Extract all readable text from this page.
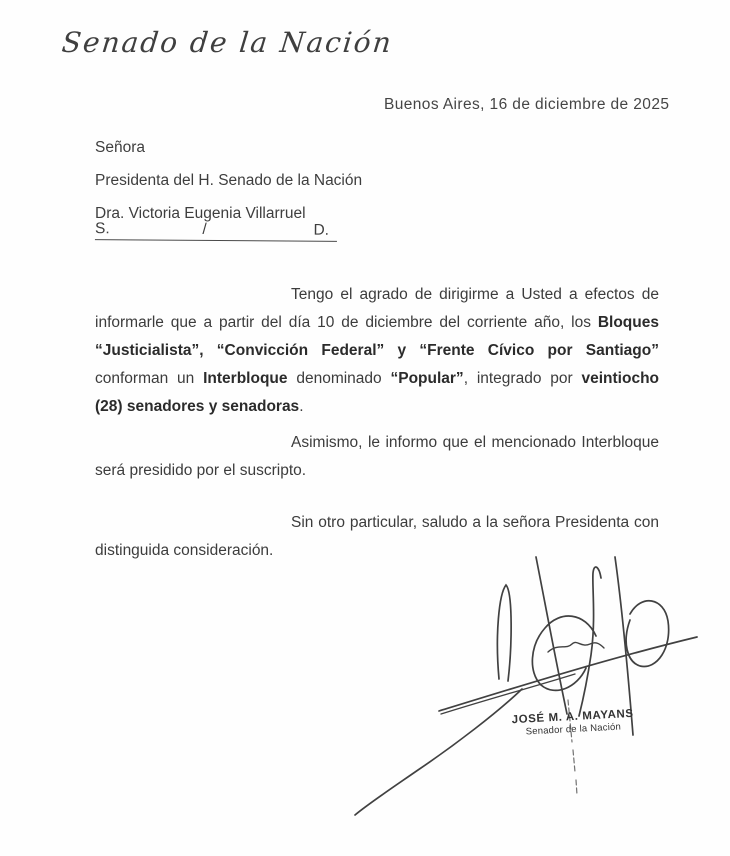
Senado de la Nación
Buenos Aires, 16 de diciembre de 2025
Señora
Presidenta del H. Senado de la Nación
Dra. Victoria Eugenia Villarruel
S.	/	D.

Tengo el agrado de dirigirme a Usted a efectos de informarle que a partir del día 10 de diciembre del corriente año, los Bloques “Justicialista”, “Convicción Federal” y “Frente Cívico por Santiago” conforman un Interbloque denominado “Popular”, integrado por veintiocho (28) senadores y senadoras.

Asimismo, le informo que el mencionado Interbloque será presidido por el suscripto.

Sin otro particular, saludo a la señora Presidenta con distinguida consideración.

JOSÉ M. A. MAYANS
Senador de la Nación
